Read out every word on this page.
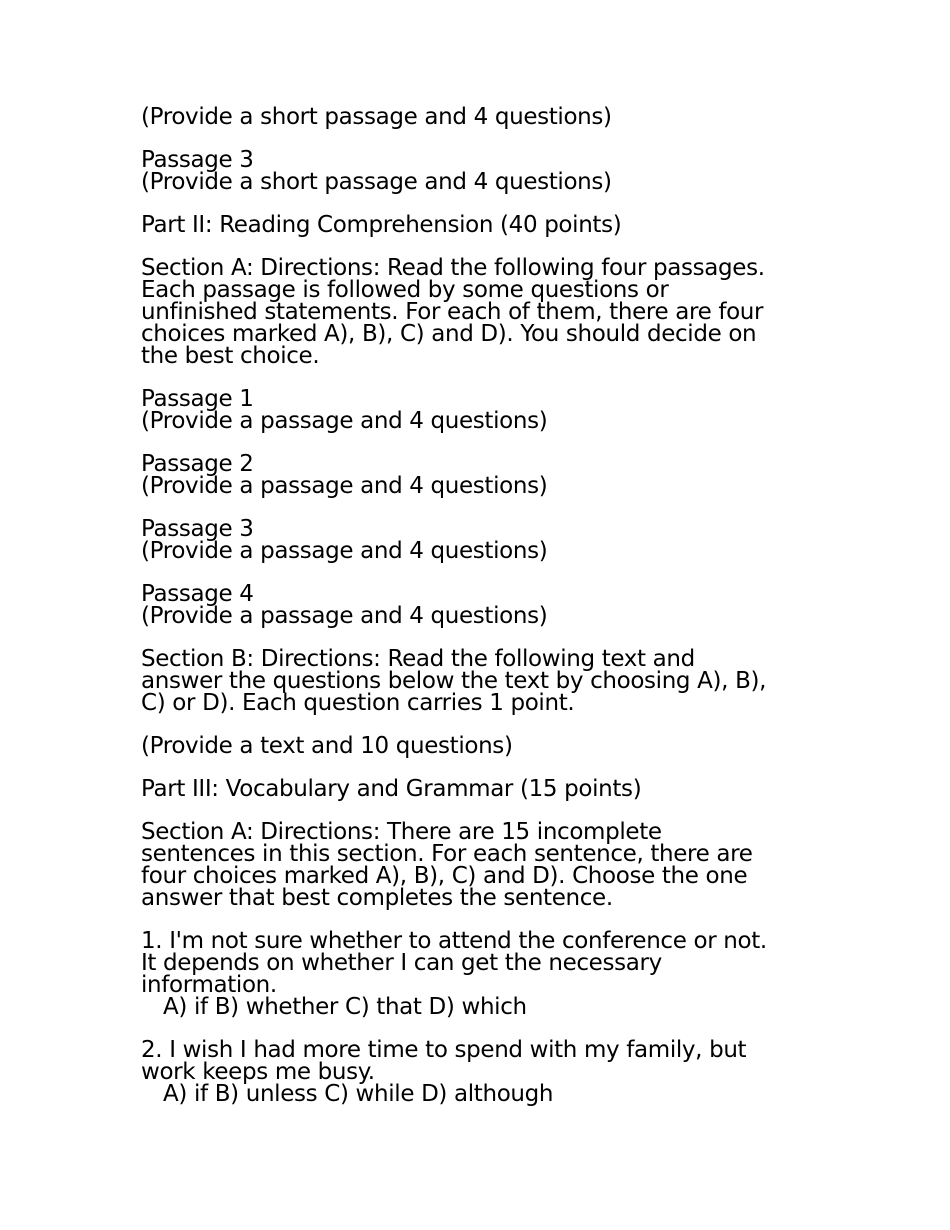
(Provide a short passage and 4 questions)
Passage 3
(Provide a short passage and 4 questions)
Part II: Reading Comprehension (40 points)
Section A: Directions: Read the following four passages.
Each passage is followed by some questions or
unfinished statements. For each of them, there are four
choices marked A), B), C) and D). You should decide on
the best choice.
Passage 1
(Provide a passage and 4 questions)
Passage 2
(Provide a passage and 4 questions)
Passage 3
(Provide a passage and 4 questions)
Passage 4
(Provide a passage and 4 questions)
Section B: Directions: Read the following text and
answer the questions below the text by choosing A), B),
C) or D). Each question carries 1 point.
(Provide a text and 10 questions)
Part III: Vocabulary and Grammar (15 points)
Section A: Directions: There are 15 incomplete
sentences in this section. For each sentence, there are
four choices marked A), B), C) and D). Choose the one
answer that best completes the sentence.
1. I'm not sure whether to attend the conference or not.
It depends on whether I can get the necessary
information.
A) if B) whether C) that D) which
2. I wish I had more time to spend with my family, but
work keeps me busy.
A) if B) unless C) while D) although
